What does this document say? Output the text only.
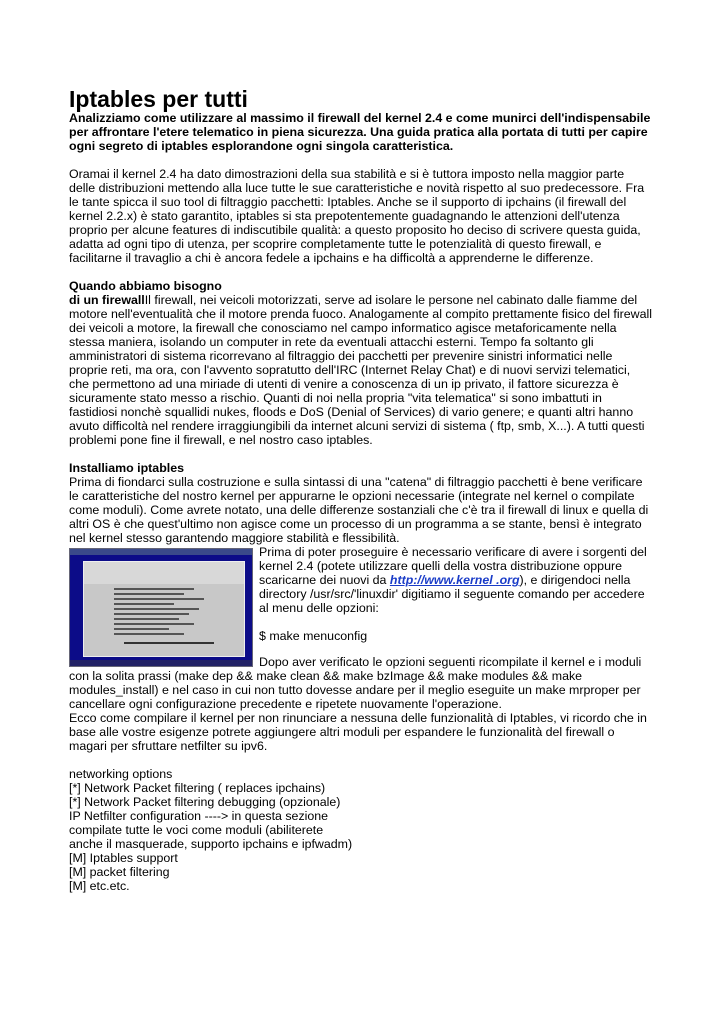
Iptables per tutti

Analizziamo come utilizzare al massimo il firewall del kernel 2.4 e come munirci dell'indispensabile per affrontare l'etere telematico in piena sicurezza. Una guida pratica alla portata di tutti per capire ogni segreto di iptables esplorandone ogni singola caratteristica.

Oramai il kernel 2.4 ha dato dimostrazioni della sua stabilità e si è tuttora imposto nella maggior parte delle distribuzioni mettendo alla luce tutte le sue caratteristiche e novità rispetto al suo predecessore. Fra le tante spicca il suo tool di filtraggio pacchetti: Iptables. Anche se il supporto di ipchains (il firewall del kernel 2.2.x) è stato garantito, iptables si sta prepotentemente guadagnando le attenzioni dell'utenza proprio per alcune features di indiscutibile qualità: a questo proposito ho deciso di scrivere questa guida, adatta ad ogni tipo di utenza, per scoprire completamente tutte le potenzialità di questo firewall, e facilitarne il travaglio a chi è ancora fedele a ipchains e ha difficoltà a apprenderne le differenze.

Quando abbiamo bisogno

di un firewallIl firewall, nei veicoli motorizzati, serve ad isolare le persone nel cabinato dalle fiamme del motore nell'eventualità che il motore prenda fuoco. Analogamente al compito prettamente fisico del firewall dei veicoli a motore, la firewall che conosciamo nel campo informatico agisce metaforicamente nella stessa maniera, isolando un computer in rete da eventuali attacchi esterni. Tempo fa soltanto gli amministratori di sistema ricorrevano al filtraggio dei pacchetti per prevenire sinistri informatici nelle proprie reti, ma ora, con l'avvento sopratutto dell'IRC (Internet Relay Chat) e di nuovi servizi telematici, che permettono ad una miriade di utenti di venire a conoscenza di un ip privato, il fattore sicurezza è sicuramente stato messo a rischio. Quanti di noi nella propria "vita telematica" si sono imbattuti in fastidiosi nonchè squallidi nukes, floods e DoS (Denial of Services) di vario genere; e quanti altri hanno avuto difficoltà nel rendere irraggiungibili da internet alcuni servizi di sistema ( ftp, smb, X...). A tutti questi problemi pone fine il firewall, e nel nostro caso iptables.

Installiamo iptables

Prima di fiondarci sulla costruzione e sulla sintassi di una "catena" di filtraggio pacchetti è bene verificare le caratteristiche del nostro kernel per appurarne le opzioni necessarie (integrate nel kernel o compilate come moduli). Come avrete notato, una delle differenze sostanziali che c'è tra il firewall di linux e quella di altri OS è che quest'ultimo non agisce come un processo di un programma a se stante, bensì è integrato nel kernel stesso garantendo maggiore stabilità e flessibilità.

Prima di poter proseguire è necessario verificare di avere i sorgenti del kernel 2.4 (potete utilizzare quelli della vostra distribuzione oppure scaricarne dei nuovi da http://www.kernel .org), e dirigendoci nella directory /usr/src/'linuxdir' digitiamo il seguente comando per accedere al menu delle opzioni:

$ make menuconfig

Dopo aver verificato le opzioni seguenti ricompilate il kernel e i moduli con la solita prassi (make dep && make clean && make bzImage && make modules && make modules_install) e nel caso in cui non tutto dovesse andare per il meglio eseguite un make mrproper per cancellare ogni configurazione precedente e ripetete nuovamente l'operazione.

Ecco come compilare il kernel per non rinunciare a nessuna delle funzionalità di Iptables, vi ricordo che in base alle vostre esigenze potrete aggiungere altri moduli per espandere le funzionalità del firewall o magari per sfruttare netfilter su ipv6.

networking options

[*] Network Packet filtering ( replaces ipchains)

[*] Network Packet filtering debugging (opzionale)

IP Netfilter configuration ----> in questa sezione

compilate tutte le voci come moduli (abiliterete

anche il masquerade, supporto ipchains e ipfwadm)

[M] Iptables support

[M] packet filtering

[M] etc.etc.
